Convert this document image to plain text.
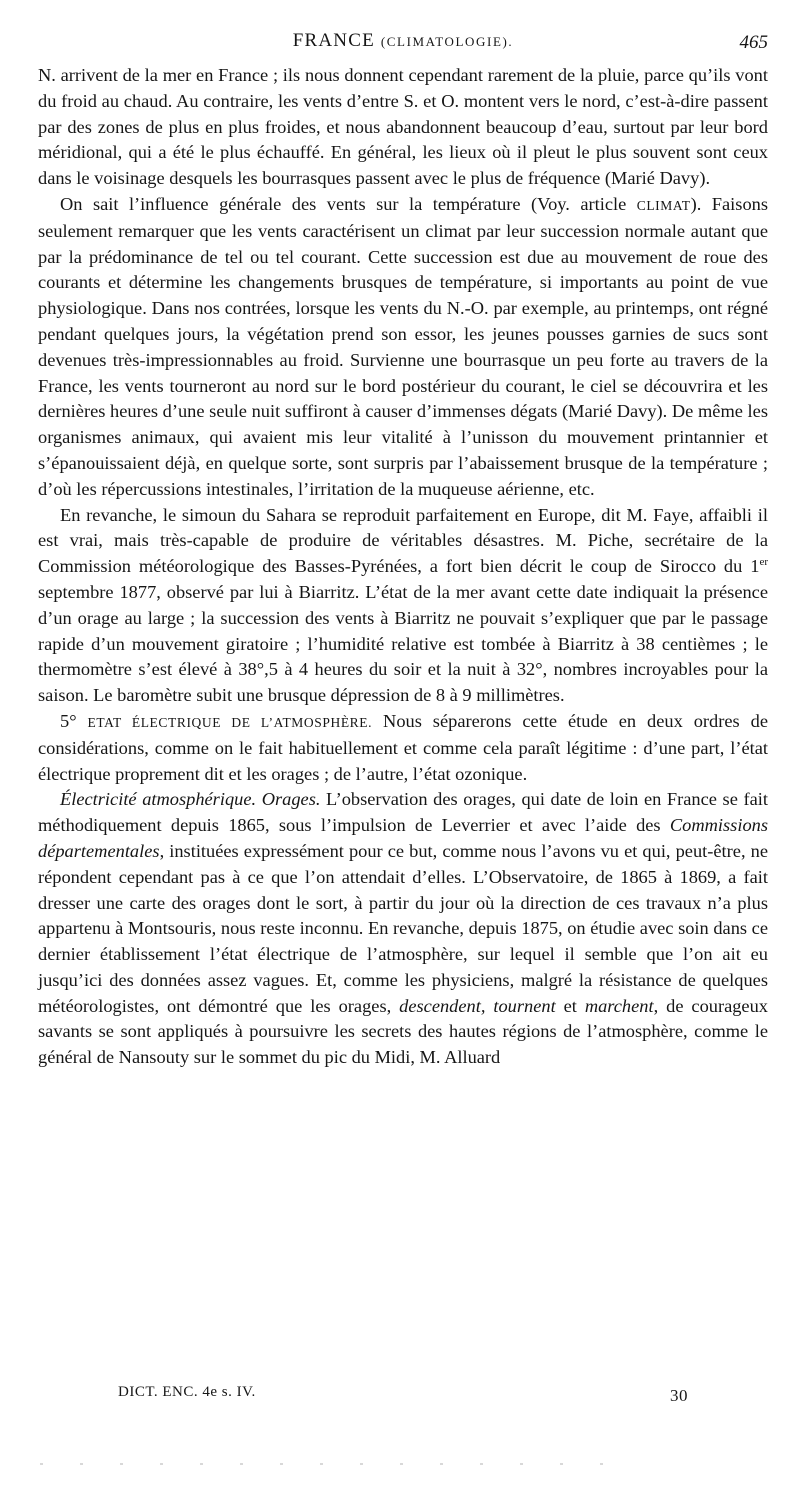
FRANCE (CLIMATOLOGIE).	465

N. arrivent de la mer en France ; ils nous donnent cependant rarement de la pluie, parce qu’ils vont du froid au chaud. Au contraire, les vents d’entre S. et O. montent vers le nord, c’est-à-dire passent par des zones de plus en plus froides, et nous abandonnent beaucoup d’eau, surtout par leur bord méridional, qui a été le plus échauffé. En général, les lieux où il pleut le plus souvent sont ceux dans le voisinage desquels les bourrasques passent avec le plus de fréquence (Marié Davy).

On sait l’influence générale des vents sur la température (Voy. article CLIMAT). Faisons seulement remarquer que les vents caractérisent un climat par leur succession normale autant que par la prédominance de tel ou tel courant. Cette succession est due au mouvement de roue des courants et détermine les changements brusques de température, si importants au point de vue physiologique. Dans nos contrées, lorsque les vents du N.-O. par exemple, au printemps, ont régné pendant quelques jours, la végétation prend son essor, les jeunes pousses garnies de sucs sont devenues très-impressionnables au froid. Survienne une bourrasque un peu forte au travers de la France, les vents tourneront au nord sur le bord postérieur du courant, le ciel se découvrira et les dernières heures d’une seule nuit suffiront à causer d’immenses dégats (Marié Davy). De même les organismes animaux, qui avaient mis leur vitalité à l’unisson du mouvement printannier et s’épanouissaient déjà, en quelque sorte, sont surpris par l’abaissement brusque de la température ; d’où les répercussions intestinales, l’irritation de la muqueuse aérienne, etc.

En revanche, le simoun du Sahara se reproduit parfaitement en Europe, dit M. Faye, affaibli il est vrai, mais très-capable de produire de véritables désastres. M. Piche, secrétaire de la Commission météorologique des Basses-Pyrénées, a fort bien décrit le coup de Sirocco du 1er septembre 1877, observé par lui à Biarritz. L’état de la mer avant cette date indiquait la présence d’un orage au large ; la succession des vents à Biarritz ne pouvait s’expliquer que par le passage rapide d’un mouvement giratoire ; l’humidité relative est tombée à Biarritz à 38 centièmes ; le thermomètre s’est élevé à 38°,5 à 4 heures du soir et la nuit à 32°, nombres incroyables pour la saison. Le baromètre subit une brusque dépression de 8 à 9 millimètres.

5° ETAT ÉLECTRIQUE DE L’ATMOSPHÈRE. Nous séparerons cette étude en deux ordres de considérations, comme on le fait habituellement et comme cela paraît légitime : d’une part, l’état électrique proprement dit et les orages ; de l’autre, l’état ozonique.

Électricité atmosphérique. Orages. L’observation des orages, qui date de loin en France se fait méthodiquement depuis 1865, sous l’impulsion de Leverrier et avec l’aide des Commissions départementales, instituées expressément pour ce but, comme nous l’avons vu et qui, peut-être, ne répondent cependant pas à ce que l’on attendait d’elles. L’Observatoire, de 1865 à 1869, a fait dresser une carte des orages dont le sort, à partir du jour où la direction de ces travaux n’a plus appartenu à Montsouris, nous reste inconnu. En revanche, depuis 1875, on étudie avec soin dans ce dernier établissement l’état électrique de l’atmosphère, sur lequel il semble que l’on ait eu jusqu’ici des données assez vagues. Et, comme les physiciens, malgré la résistance de quelques météorologistes, ont démontré que les orages, descendent, tournent et marchent, de courageux savants se sont appliqués à poursuivre les secrets des hautes régions de l’atmosphère, comme le général de Nansouty sur le sommet du pic du Midi, M. Alluard

DICT. ENC. 4e s. IV.	30
